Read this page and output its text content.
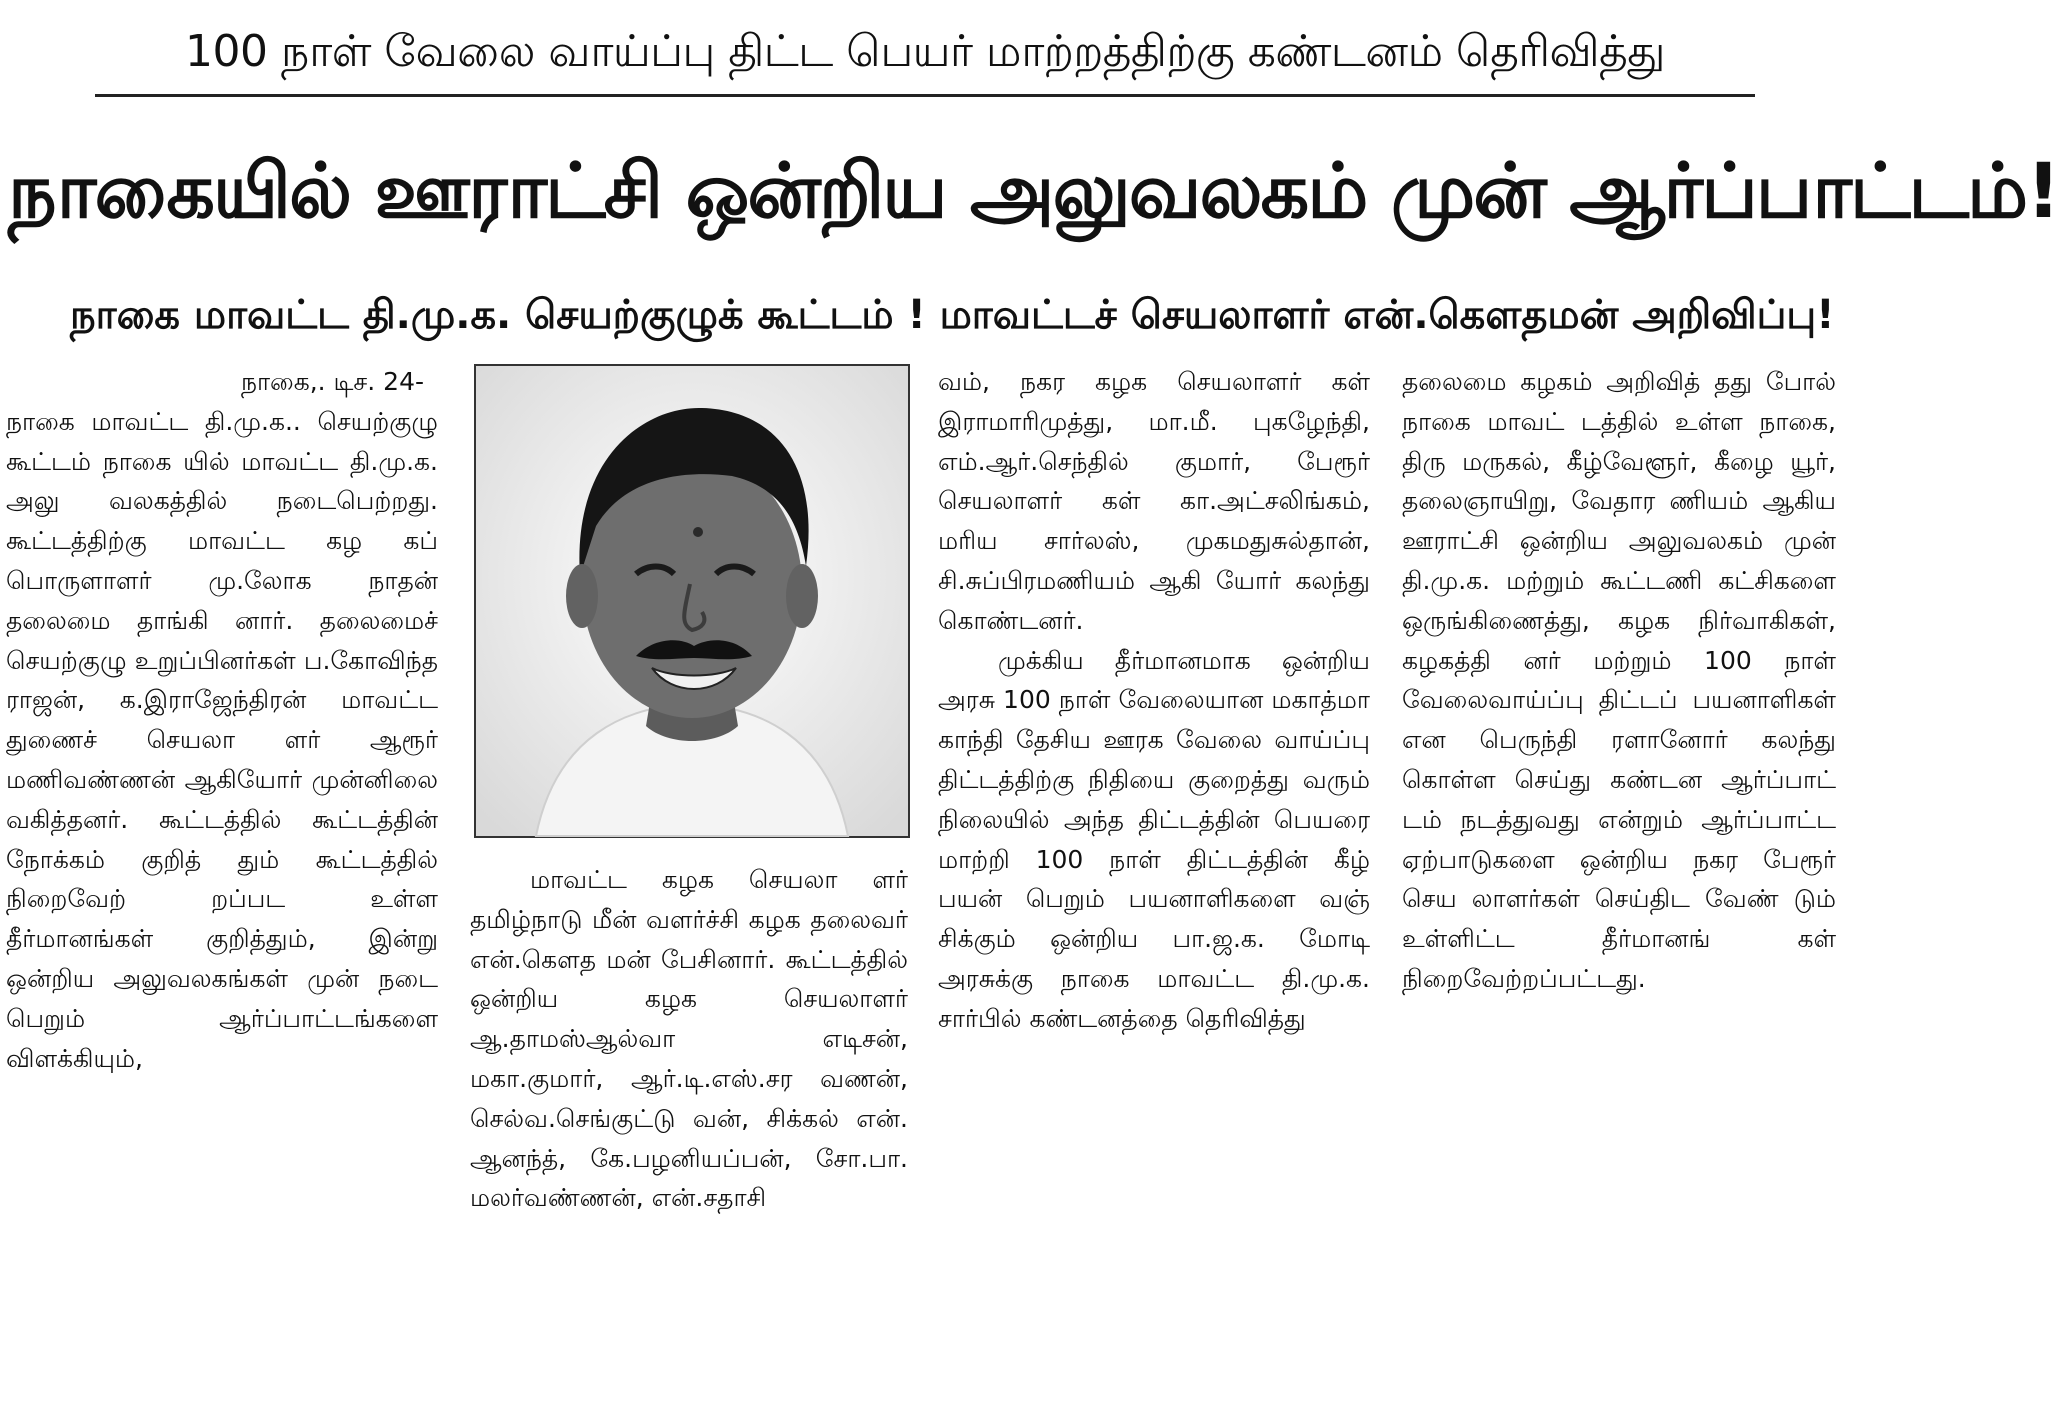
100 நாள் வேலை வாய்ப்பு திட்ட பெயர் மாற்றத்திற்கு கண்டனம் தெரிவித்து
நாகையில் ஊராட்சி ஒன்றிய அலுவலகம் முன் ஆர்ப்பாட்டம்!
நாகை மாவட்ட தி.மு.க. செயற்குழுக் கூட்டம் ! மாவட்டச் செயலாளர் என்.கௌதமன் அறிவிப்பு!

நாகை,. டிச. 24-

நாகை மாவட்ட தி.மு.க.. செயற்குழு கூட்டம் நாகை யில் மாவட்ட தி.மு.க. அலு வலகத்தில் நடைபெற்றது. கூட்டத்திற்கு மாவட்ட கழ கப் பொருளாளர் மு.லோக நாதன் தலைமை தாங்கி னார். தலைமைச் செயற்குழு உறுப்பினர்கள் ப.கோவிந்த ராஜன், க.இராஜேந்திரன் மாவட்ட துணைச் செயலா ளர் ஆரூர் மணிவண்ணன் ஆகியோர் முன்னிலை வகித்தனர். கூட்டத்தில் கூட்டத்தின் நோக்கம் குறித் தும் கூட்டத்தில் நிறைவேற் றப்பட உள்ள தீர்மானங்கள் குறித்தும், இன்று ஒன்றிய அலுவலகங்கள் முன் நடை பெறும் ஆர்ப்பாட்டங்களை விளக்கியும்,

மாவட்ட கழக செயலா ளர் தமிழ்நாடு மீன் வளர்ச்சி கழக தலைவர் என்.கௌத மன் பேசினார். கூட்டத்தில் ஒன்றிய கழக செயலாளர் ஆ.தாமஸ்ஆல்வா எடிசன், மகா.குமார், ஆர்.டி.எஸ்.சர வணன், செல்வ.செங்குட்டு வன், சிக்கல் என். ஆனந்த், கே.பழனியப்பன், சோ.பா. மலர்வண்ணன், என்.சதாசி

வம், நகர கழக செயலாளர் கள் இராமாரிமுத்து, மா.மீ. புகழேந்தி, எம்.ஆர்.செந்தில் குமார், பேரூர் செயலாளர் கள் கா.அட்சலிங்கம், மரிய சார்லஸ், முகமதுசுல்தான், சி.சுப்பிரமணியம் ஆகி யோர் கலந்து கொண்டனர்.

முக்கிய தீர்மானமாக ஒன்றிய அரசு 100 நாள் வேலையான மகாத்மா காந்தி தேசிய ஊரக வேலை வாய்ப்பு திட்டத்திற்கு நிதியை குறைத்து வரும் நிலையில் அந்த திட்டத்தின் பெயரை மாற்றி 100 நாள் திட்டத்தின் கீழ் பயன் பெறும் பயனாளிகளை வஞ் சிக்கும் ஒன்றிய பா.ஜ.க. மோடி அரசுக்கு நாகை மாவட்ட தி.மு.க. சார்பில் கண்டனத்தை தெரிவித்து

தலைமை கழகம் அறிவித் தது போல் நாகை மாவட் டத்தில் உள்ள நாகை, திரு மருகல், கீழ்வேளூர், கீழை யூர், தலைஞாயிறு, வேதார ணியம் ஆகிய ஊராட்சி ஒன்றிய அலுவலகம் முன் தி.மு.க. மற்றும் கூட்டணி கட்சிகளை ஒருங்கிணைத்து, கழக நிர்வாகிகள், கழகத்தி னர் மற்றும் 100 நாள் வேலைவாய்ப்பு திட்டப் பயனாளிகள் என பெருந்தி ரளானோர் கலந்து கொள்ள செய்து கண்டன ஆர்ப்பாட் டம் நடத்துவது என்றும் ஆர்ப்பாட்ட ஏற்பாடுகளை ஒன்றிய நகர பேரூர் செய லாளர்கள் செய்திட வேண் டும் உள்ளிட்ட தீர்மானங் கள் நிறைவேற்றப்பட்டது.
